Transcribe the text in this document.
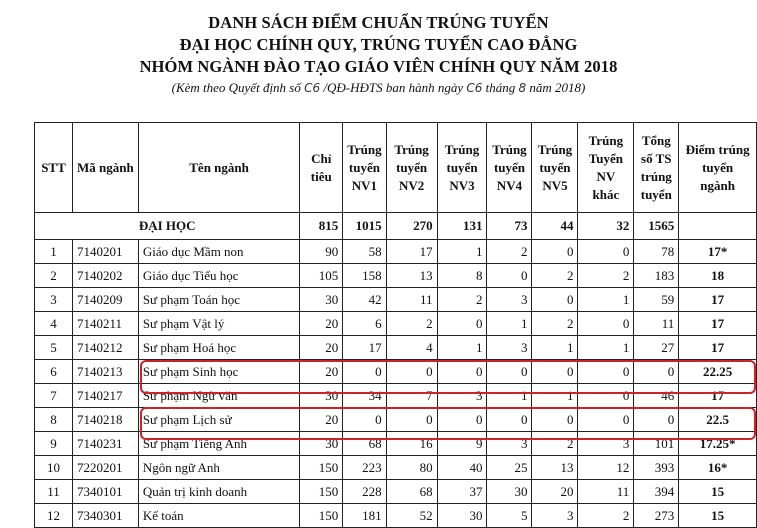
DANH SÁCH ĐIỂM CHUẨN TRÚNG TUYỂN
ĐẠI HỌC CHÍNH QUY, TRÚNG TUYỂN CAO ĐẲNG
NHÓM NGÀNH ĐÀO TẠO GIÁO VIÊN CHÍNH QUY NĂM 2018
(Kèm theo Quyết định số C6 /QĐ-HĐTS ban hành ngày C6 tháng 8 năm 2018)
STT	Mã ngành	Tên ngành	Chỉ tiêu	Trúng tuyển NV1	Trúng tuyển NV2	Trúng tuyển NV3	Trúng tuyển NV4	Trúng tuyển NV5	Trúng Tuyển NV khác	Tổng số TS trúng tuyển	Điểm trúng tuyển ngành
ĐẠI HỌC			815	1015	270	131	73	44	32	1565	
1	7140201	Giáo dục Mầm non	90	58	17	1	2	0	0	78	17*
2	7140202	Giáo dục Tiểu học	105	158	13	8	0	2	2	183	18
3	7140209	Sư phạm Toán học	30	42	11	2	3	0	1	59	17
4	7140211	Sư phạm Vật lý	20	6	2	0	1	2	0	11	17
5	7140212	Sư phạm Hoá học	20	17	4	1	3	1	1	27	17
6	7140213	Sư phạm Sinh học	20	0	0	0	0	0	0	0	22.25
7	7140217	Sư phạm Ngữ văn	30	34	7	3	1	1	0	46	17
8	7140218	Sư phạm Lịch sử	20	0	0	0	0	0	0	0	22.5
9	7140231	Sư phạm Tiếng Anh	30	68	16	9	3	2	3	101	17.25*
10	7220201	Ngôn ngữ Anh	150	223	80	40	25	13	12	393	16*
11	7340101	Quản trị kinh doanh	150	228	68	37	30	20	11	394	15
12	7340301	Kế toán	150	181	52	30	5	3	2	273	15
